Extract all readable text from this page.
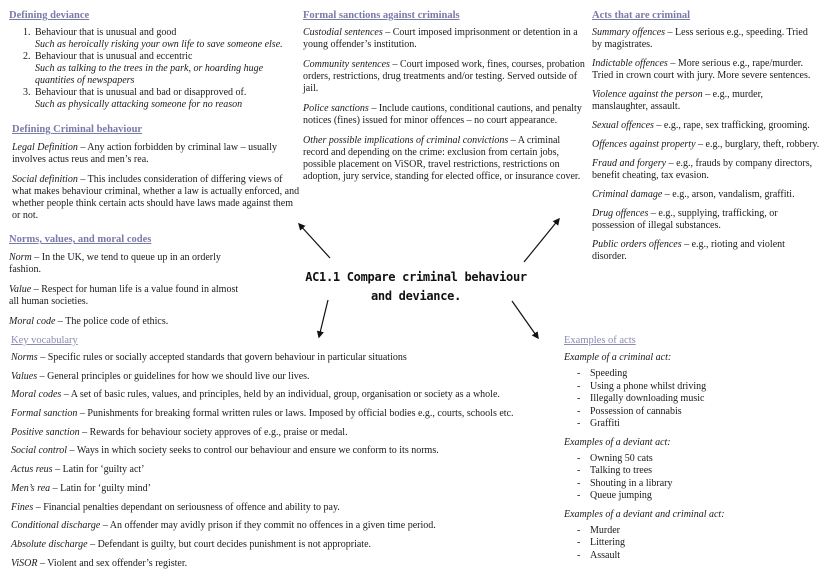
Defining deviance
1. Behaviour that is unusual and good
Such as heroically risking your own life to save someone else.
2. Behaviour that is unusual and eccentric
Such as talking to the trees in the park, or hoarding huge quantities of newspapers
3. Behaviour that is unusual and bad or disapproved of.
Such as physically attacking someone for no reason
Defining Criminal behaviour

Legal Definition – Any action forbidden by criminal law – usually involves actus reus and men’s rea.

Social definition – This includes consideration of differing views of what makes behaviour criminal, whether a law is actually enforced, and whether people think certain acts should have laws made against them or not.

Norms, values, and moral codes

Norm – In the UK, we tend to queue up in an orderly fashion.

Value – Respect for human life is a value found in almost all human societies.

Moral code – The police code of ethics.

Formal sanctions against criminals

Custodial sentences – Court imposed imprisonment or detention in a young offender’s institution.

Community sentences – Court imposed work, fines, courses, probation orders, restrictions, drug treatments and/or testing. Served outside of jail.

Police sanctions – Include cautions, conditional cautions, and penalty notices (fines) issued for minor offences – no court appearance.

Other possible implications of criminal convictions – A criminal record and depending on the crime: exclusion from certain jobs, possible placement on ViSOR, travel restrictions, restrictions on adoption, jury service, standing for elected office, or insurance cover.

Acts that are criminal

Summary offences – Less serious e.g., speeding. Tried by magistrates.

Indictable offences – More serious e.g., rape/murder. Tried in crown court with jury. More severe sentences.

Violence against the person – e.g., murder, manslaughter, assault.

Sexual offences – e.g., rape, sex trafficking, grooming.

Offences against property – e.g., burglary, theft, robbery.

Fraud and forgery – e.g., frauds by company directors, benefit cheating, tax evasion.

Criminal damage – e.g., arson, vandalism, graffiti.

Drug offences – e.g., supplying, trafficking, or possession of illegal substances.

Public orders offences – e.g., rioting and violent disorder.

AC1.1 Compare criminal behaviour and deviance.
Key vocabulary

Norms – Specific rules or socially accepted standards that govern behaviour in particular situations

Values – General principles or guidelines for how we should live our lives.

Moral codes – A set of basic rules, values, and principles, held by an individual, group, organisation or society as a whole.

Formal sanction – Punishments for breaking formal written rules or laws. Imposed by official bodies e.g., courts, schools etc.

Positive sanction – Rewards for behaviour society approves of e.g., praise or medal.

Social control – Ways in which society seeks to control our behaviour and ensure we conform to its norms.

Actus reus – Latin for ‘guilty act’

Men’s rea – Latin for ‘guilty mind’

Fines – Financial penalties dependant on seriousness of offence and ability to pay.

Conditional discharge – An offender may avidly prison if they commit no offences in a given time period.

Absolute discharge – Defendant is guilty, but court decides punishment is not appropriate.

ViSOR – Violent and sex offender’s register.

Examples of acts
Example of a criminal act:
- Speeding
- Using a phone whilst driving
- Illegally downloading music
- Possession of cannabis
- Graffiti
Examples of a deviant act:
- Owning 50 cats
- Talking to trees
- Shouting in a library
- Queue jumping
Examples of a deviant and criminal act:
- Murder
- Littering
- Assault
